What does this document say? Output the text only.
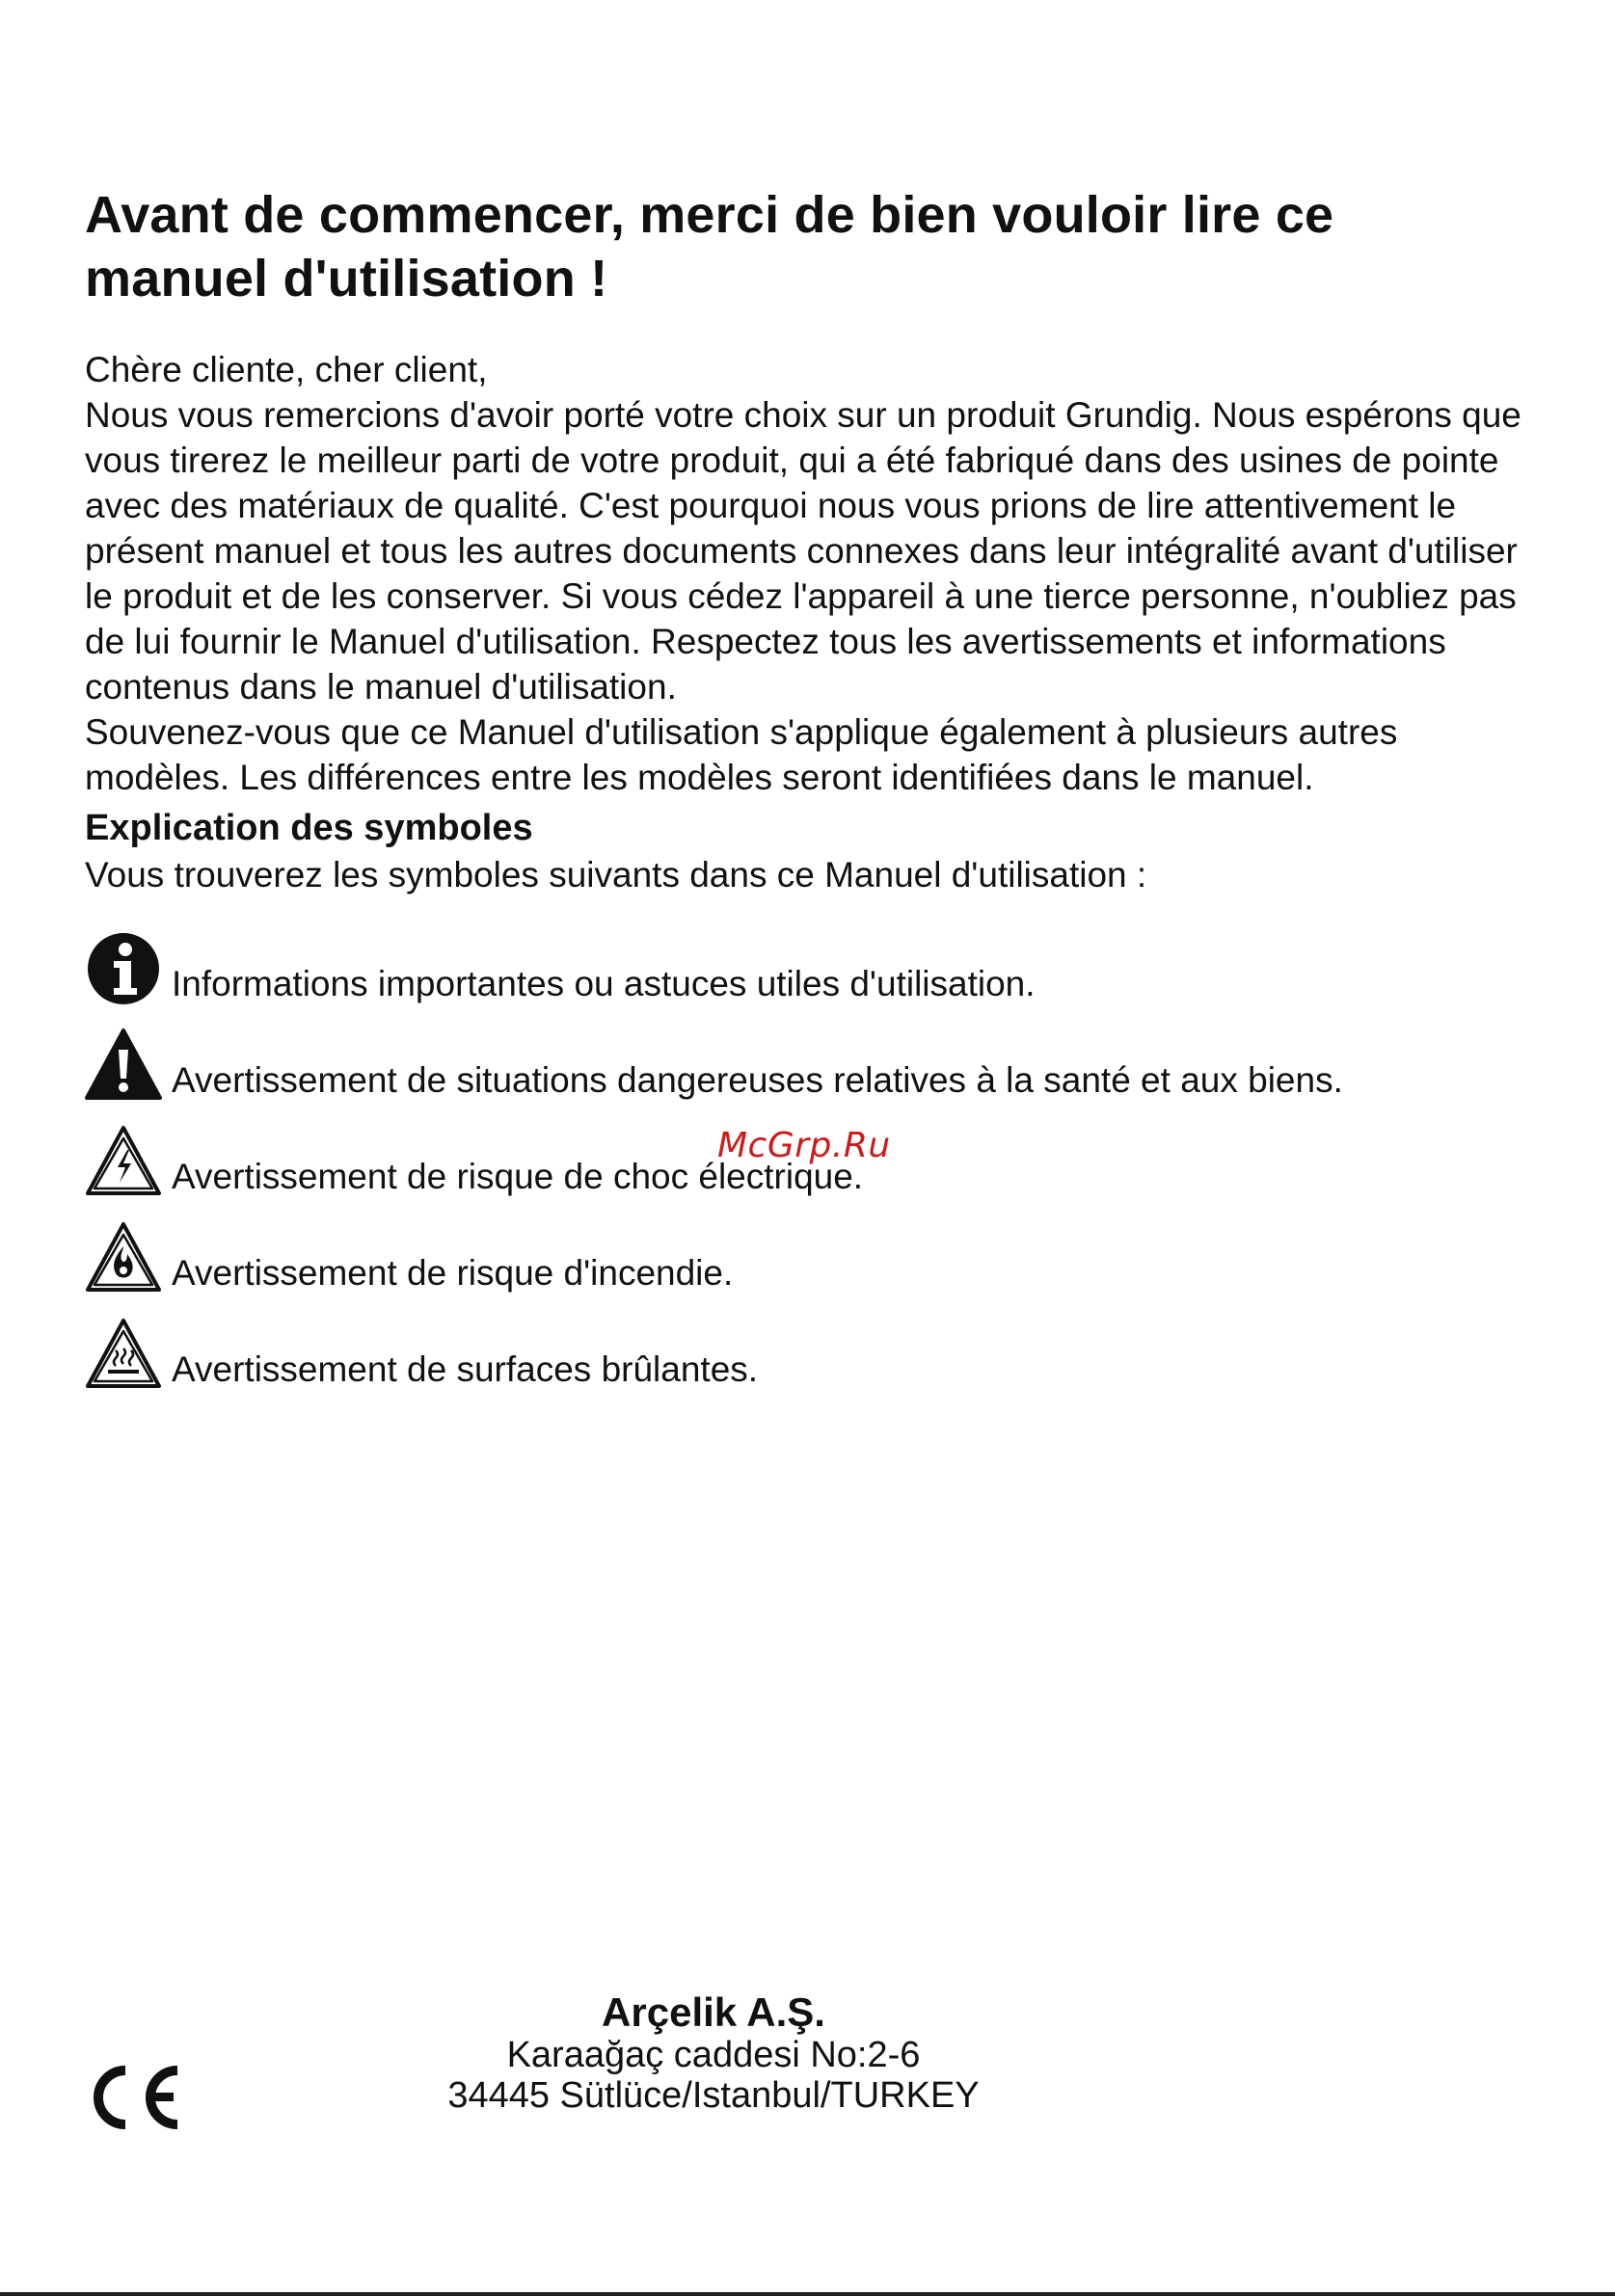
Avant de commencer, merci de bien vouloir lire ce manuel d'utilisation !

Chère cliente, cher client,

Nous vous remercions d'avoir porté votre choix sur un produit Grundig. Nous espérons que vous tirerez le meilleur parti de votre produit, qui a été fabriqué dans des usines de pointe avec des matériaux de qualité. C'est pourquoi nous vous prions de lire attentivement le présent manuel et tous les autres documents connexes dans leur intégralité avant d'utiliser le produit et de les conserver. Si vous cédez l'appareil à une tierce personne, n'oubliez pas de lui fournir le Manuel d'utilisation. Respectez tous les avertissements et informations contenus dans le manuel d'utilisation.

Souvenez-vous que ce Manuel d'utilisation s'applique également à plusieurs autres modèles. Les différences entre les modèles seront identifiées dans le manuel.

Explication des symboles

Vous trouverez les symboles suivants dans ce Manuel d'utilisation :

Informations importantes ou astuces utiles d'utilisation.
Avertissement de situations dangereuses relatives à la santé et aux biens.
Avertissement de risque de choc électrique.
Avertissement de risque d'incendie.
Avertissement de surfaces brûlantes.
McGrp.Ru
Arçelik A.Ş.
Karaağaç caddesi No:2-6
34445 Sütlüce/Istanbul/TURKEY
